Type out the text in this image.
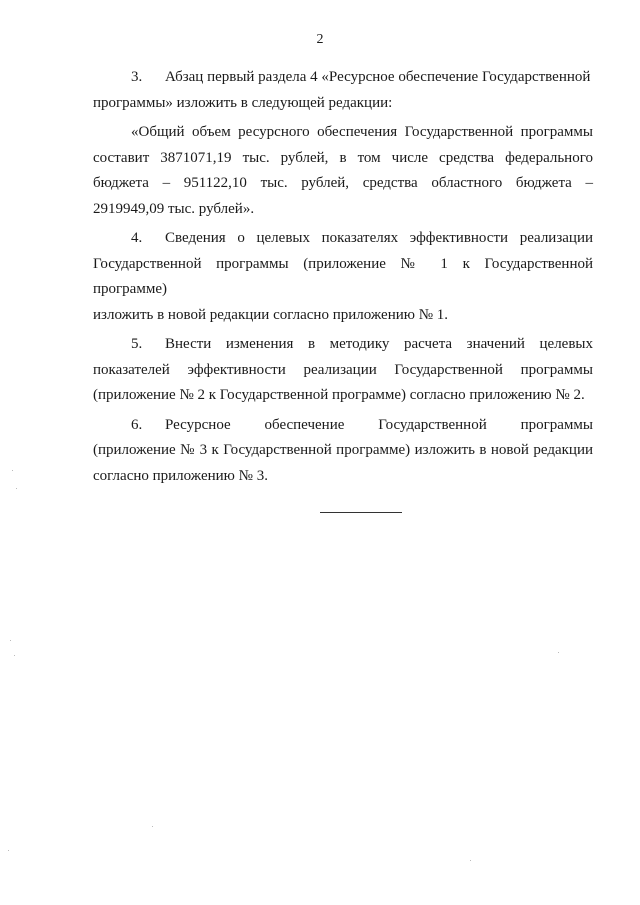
2
3. Абзац первый раздела 4 «Ресурсное обеспечение Государственной
программы» изложить в следующей редакции:
«Общий объем ресурсного обеспечения Государственной программы
составит 3871071,19 тыс. рублей, в том числе средства федерального
бюджета – 951122,10 тыс. рублей, средства областного бюджета –
2919949,09 тыс. рублей».
4. Сведения о целевых показателях эффективности реализации
Государственной программы (приложение № 1 к Государственной программе)
изложить в новой редакции согласно приложению № 1.
5. Внести изменения в методику расчета значений целевых
показателей эффективности реализации Государственной программы
(приложение № 2 к Государственной программе) согласно приложению № 2.
6. Ресурсное обеспечение Государственной программы
(приложение № 3 к Государственной программе) изложить в новой редакции
согласно приложению № 3.
